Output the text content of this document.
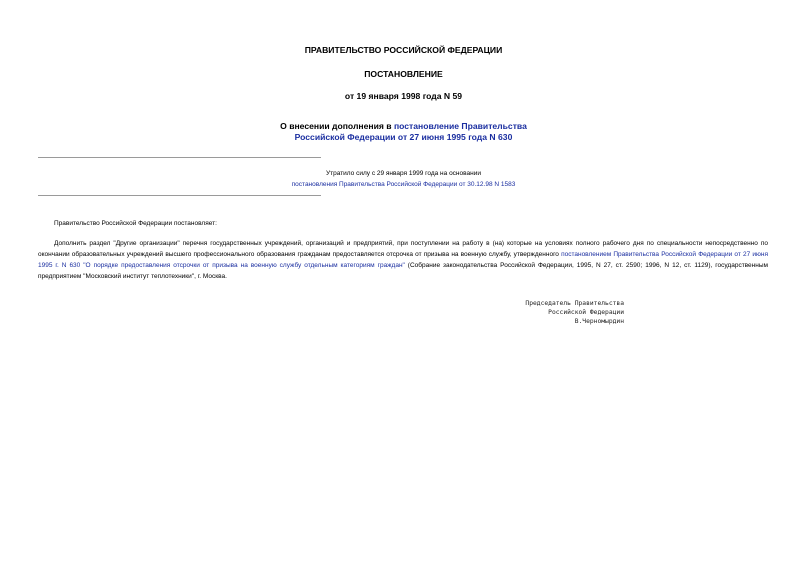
ПРАВИТЕЛЬСТВО РОССИЙСКОЙ ФЕДЕРАЦИИ
ПОСТАНОВЛЕНИЕ
от 19 января 1998 года N 59
О внесении дополнения в постановление Правительства
Российской Федерации от 27 июня 1995 года N 630
Утратило силу с 29 января 1999 года на основании
постановления Правительства Российской Федерации от 30.12.98 N 1583
Правительство Российской Федерации постановляет:
Дополнить раздел "Другие организации" перечня государственных учреждений, организаций и предприятий, при поступлении на работу в (на) которые на условиях полного рабочего дня по специальности непосредственно по окончании образовательных учреждений высшего профессионального образования гражданам предоставляется отсрочка от призыва на военную службу, утвержденного постановлением Правительства Российской Федерации от 27 июня 1995 г. N 630 "О порядке предоставления отсрочки от призыва на военную службу отдельным категориям граждан" (Собрание законодательства Российской Федерации, 1995, N 27, ст. 2590; 1996, N 12, ст. 1129), государственным предприятием "Московский институт теплотехники", г. Москва.
Председатель Правительства
Российской Федерации
В.Черномырдин
